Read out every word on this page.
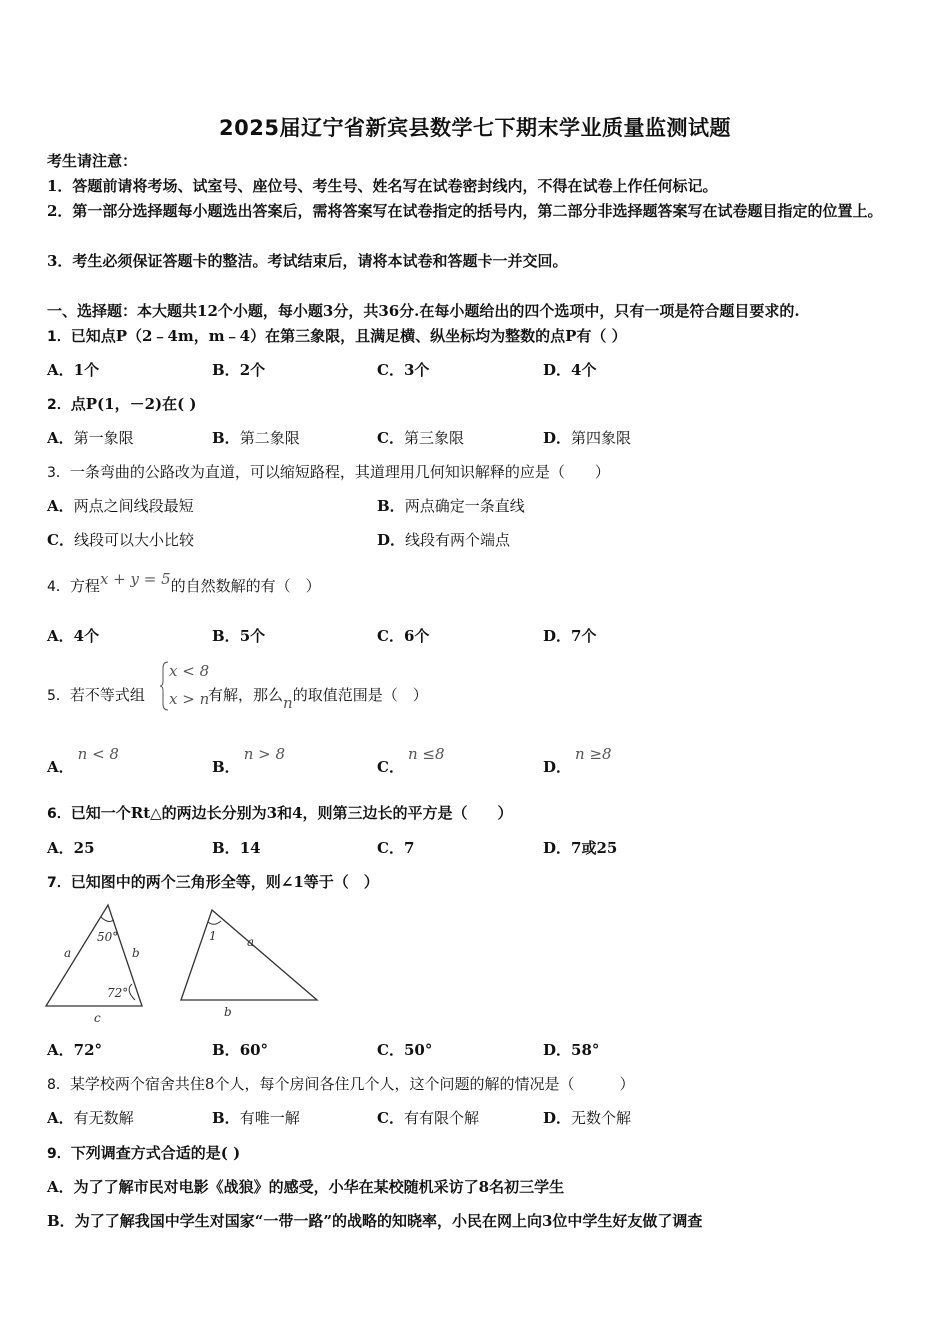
2025届辽宁省新宾县数学七下期末学业质量监测试题
考生请注意：
1．答题前请将考场、试室号、座位号、考生号、姓名写在试卷密封线内，不得在试卷上作任何标记。
2．第一部分选择题每小题选出答案后，需将答案写在试卷指定的括号内，第二部分非选择题答案写在试卷题目指定的位置上。
3．考生必须保证答题卡的整洁。考试结束后，请将本试卷和答题卡一并交回。
一、选择题：本大题共12个小题，每小题3分，共36分.在每小题给出的四个选项中，只有一项是符合题目要求的.
1．已知点P（2﹣4m，m﹣4）在第三象限，且满足横、纵坐标均为整数的点P有（ ）
A．1个	B．2个	C．3个	D．4个
2．点P(1，－2)在( )
A．第一象限	B．第二象限	C．第三象限	D．第四象限
3．一条弯曲的公路改为直道，可以缩短路程，其道理用几何知识解释的应是（　　）
A．两点之间线段最短	B．两点确定一条直线
C．线段可以大小比较	D．线段有两个端点
4．方程x + y = 5的自然数解的有（　）
A．4个	B．5个	C．6个	D．7个
5．若不等式组
x < 8
x > n
有解，那么n的取值范围是（　）
A．n < 8
B．n > 8
C．n ≤8
D．n ≥8
6．已知一个Rt△的两边长分别为3和4，则第三边长的平方是（　　）
A．25	B．14	C．7	D．7或25
7．已知图中的两个三角形全等，则∠1等于（　）
50°
72°
a	b
c
1	a
b
A．72°	B．60°	C．50°	D．58°
8．某学校两个宿舍共住8个人，每个房间各住几个人，这个问题的解的情况是（　　　）
A．有无数解	B．有唯一解	C．有有限个解	D．无数个解
9．下列调查方式合适的是( )
A．为了了解市民对电影《战狼》的感受，小华在某校随机采访了8名初三学生
B．为了了解我国中学生对国家“一带一路”的战略的知晓率，小民在网上向3位中学生好友做了调查
